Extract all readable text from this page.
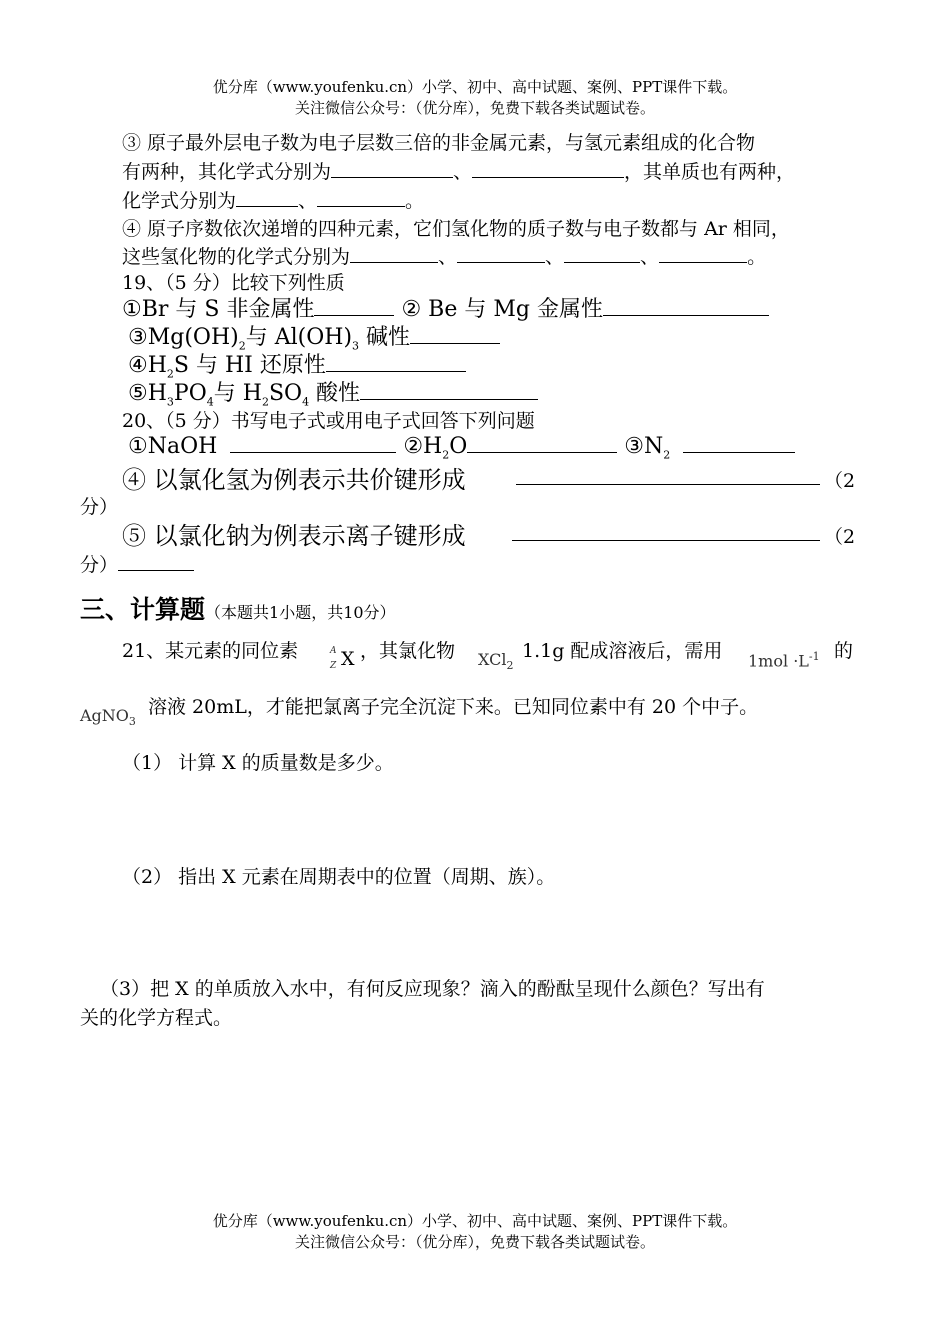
优分库（www.youfenku.cn）小学、初中、高中试题、案例、PPT课件下载。
关注微信公众号：（优分库），免费下载各类试题试卷。
③ 原子最外层电子数为电子层数三倍的非金属元素，与氢元素组成的化合物
有两种，其化学式分别为	、	，其单质也有两种，
化学式分别为	、	。
④ 原子序数依次递增的四种元素，它们氢化物的质子数与电子数都与 Ar 相同，
这些氢化物的化学式分别为	、	、	、	。
19、（5 分）比较下列性质
①Br 与 S 非金属性	② Be 与 Mg 金属性
$③Mg(OH)_2$与 $Al(OH)_3$ 碱性
$④H_2S$ 与 HI 还原性
$⑤H_3PO_4$与 $H_2SO_4$ 酸性
20、（5 分）书写电子式或用电子式回答下列问题
①NaOH	$②H_2O$	$③N_2$
④ 以氯化氢为例表示共价键形成	（2
分）
⑤ 以氯化钠为例表示离子键形成	（2
分）
三、计算题（本题共1小题，共10分）
21、某元素的同位素	A
Z X ，其氯化物 XCl$_2$
1.1g 配成溶液后，需用 $1mol \cdot L^{-1}$ 的
AgNO$_3$
溶液 20mL，才能把氯离子完全沉淀下来。已知同位素中有 20 个中子。
（1） 计算 X 的质量数是多少。
（2） 指出 X 元素在周期表中的位置（周期、族）。
（3）把 X 的单质放入水中，有何反应现象？滴入的酚酞呈现什么颜色？写出有
关的化学方程式。
优分库（www.youfenku.cn）小学、初中、高中试题、案例、PPT课件下载。
关注微信公众号：（优分库），免费下载各类试题试卷。
